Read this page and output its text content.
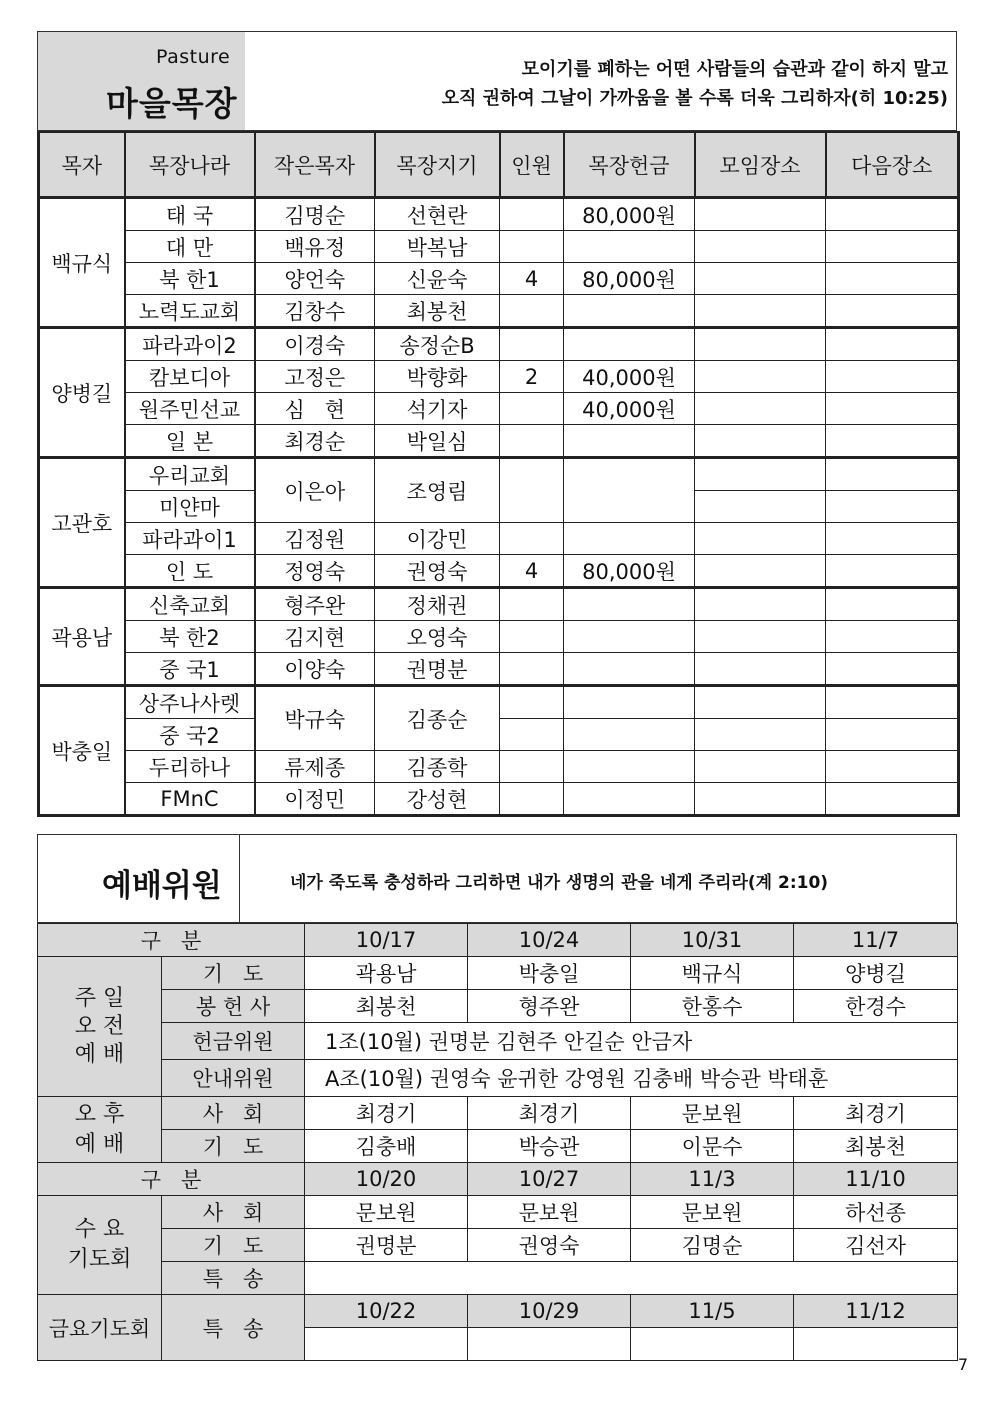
Pasture
마을목장
모이기를 폐하는 어떤 사람들의 습관과 같이 하지 말고
오직 권하여 그날이 가까움을 볼 수록 더욱 그리하자(히 10:25)
목자	목장나라	작은목자	목장지기	인원	목장헌금	모임장소	다음장소
백규식	태 국	김명순	선현란		80,000원		
	대 만	백유정	박복남				
	북 한1	양언숙	신윤숙	4	80,000원		
	노력도교회	김창수	최봉천				
양병길	파라과이2	이경숙	송정순B				
	캄보디아	고정은	박향화	2	40,000원		
	원주민선교	심   현	석기자		40,000원		
	일 본	최경순	박일심				
고관호	우리교회	이은아	조영림				
	미얀마						
	파라과이1	김정원	이강민				
	인 도	정영숙	권영숙	4	80,000원		
곽용남	신축교회	형주완	정채권				
	북 한2	김지현	오영숙				
	중 국1	이양숙	권명분				
박충일	상주나사렛	박규숙	김종순				
	중 국2						
	두리하나	류제종	김종학				
	FMnC	이정민	강성현				
예배위원	네가 죽도록 충성하라 그리하면 내가 생명의 관을 네게 주리라(계 2:10)
구   분		10/17	10/24	10/31	11/7

주 일
오 전
예 배	기   도	곽용남	박충일	백규식	양병길
	봉 헌 사	최봉천	형주완	한홍수	한경수
	헌금위원	1조(10월) 권명분 김현주 안길순 안금자			
	안내위원	A조(10월) 권영숙 윤귀한 강영원 김충배 박승관 박태훈			

오 후
예 배	사   회	최경기	최경기	문보원	최경기
	기   도	김충배	박승관	이문수	최봉천
구   분		10/20	10/27	11/3	11/10

수 요
기도회	사   회	문보원	문보원	문보원	하선종
	기   도	권명분	권영숙	김명순	김선자
	특   송				
금요기도회	특   송	10/22	10/29	11/5	11/12

7
